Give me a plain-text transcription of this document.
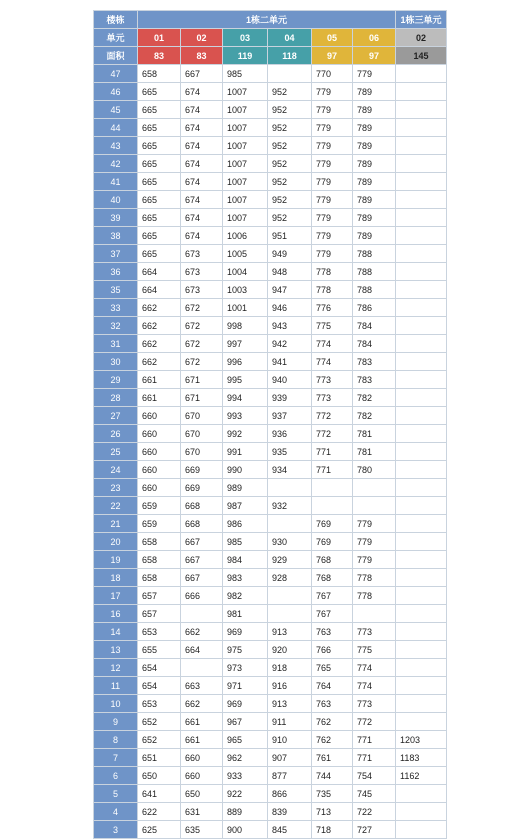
楼栋	1栋二单元						1栋三单元
单元	01	02	03	04	05	06	02
面积	83	83	119	118	97	97	145
47	658	667	985		770	779	
46	665	674	1007	952	779	789	
45	665	674	1007	952	779	789	
44	665	674	1007	952	779	789	
43	665	674	1007	952	779	789	
42	665	674	1007	952	779	789	
41	665	674	1007	952	779	789	
40	665	674	1007	952	779	789	
39	665	674	1007	952	779	789	
38	665	674	1006	951	779	789	
37	665	673	1005	949	779	788	
36	664	673	1004	948	778	788	
35	664	673	1003	947	778	788	
33	662	672	1001	946	776	786	
32	662	672	998	943	775	784	
31	662	672	997	942	774	784	
30	662	672	996	941	774	783	
29	661	671	995	940	773	783	
28	661	671	994	939	773	782	
27	660	670	993	937	772	782	
26	660	670	992	936	772	781	
25	660	670	991	935	771	781	
24	660	669	990	934	771	780	
23	660	669	989				
22	659	668	987	932			
21	659	668	986		769	779	
20	658	667	985	930	769	779	
19	658	667	984	929	768	779	
18	658	667	983	928	768	778	
17	657	666	982		767	778	
16	657		981		767		
14	653	662	969	913	763	773	
13	655	664	975	920	766	775	
12	654		973	918	765	774	
11	654	663	971	916	764	774	
10	653	662	969	913	763	773	
9	652	661	967	911	762	772	
8	652	661	965	910	762	771	1203
7	651	660	962	907	761	771	1183
6	650	660	933	877	744	754	1162
5	641	650	922	866	735	745	
4	622	631	889	839	713	722	
3	625	635	900	845	718	727	
